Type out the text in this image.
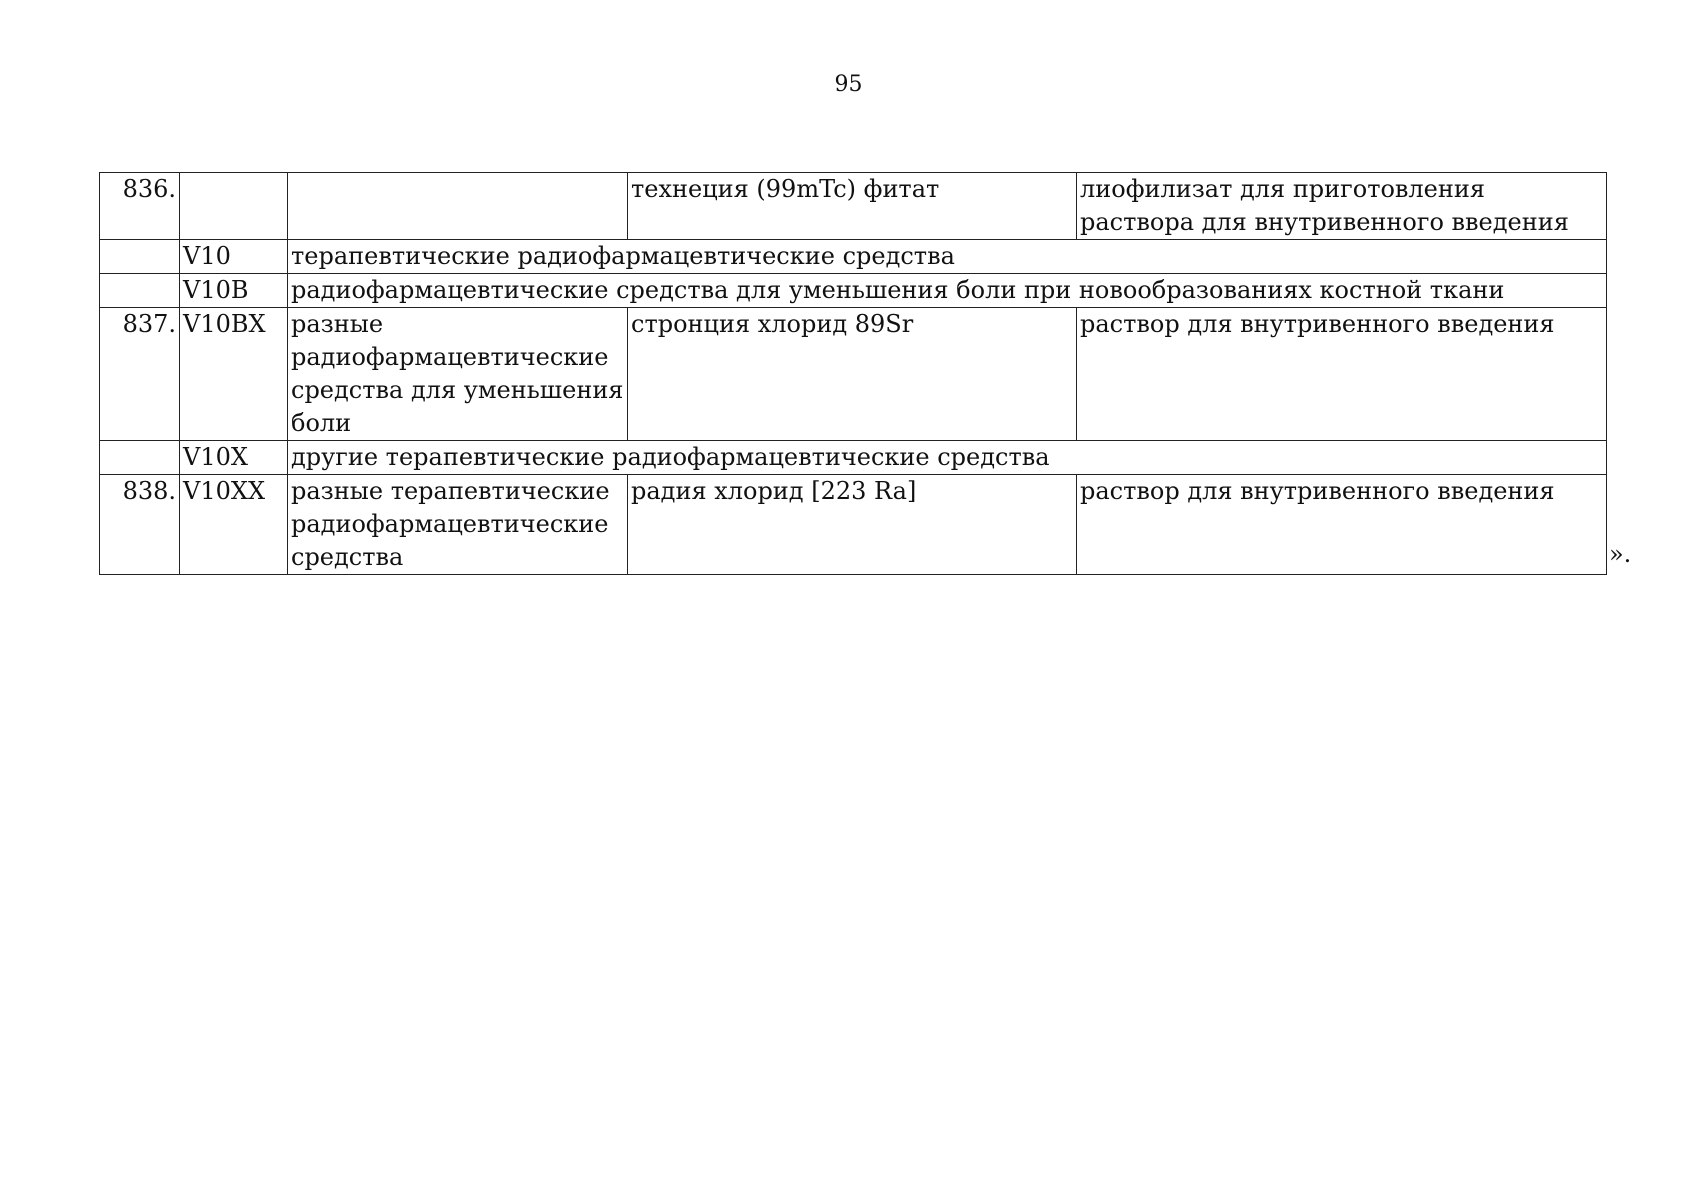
95
836.			технеция (99mTc) фитат	лиофилизат для приготовления раствора для внутривенного введения
	V10	терапевтические радиофармацевтические средства		
	V10B	радиофармацевтические средства для уменьшения боли при новообразованиях костной ткани		
837.	V10BX	разные радиофармацевтические средства для уменьшения боли	стронция хлорид 89Sr	раствор для внутривенного введения
	V10X	другие терапевтические радиофармацевтические средства		
838.	V10XX	разные терапевтические радиофармацевтические средства	радия хлорид [223 Ra]	раствор для внутривенного введения
».
